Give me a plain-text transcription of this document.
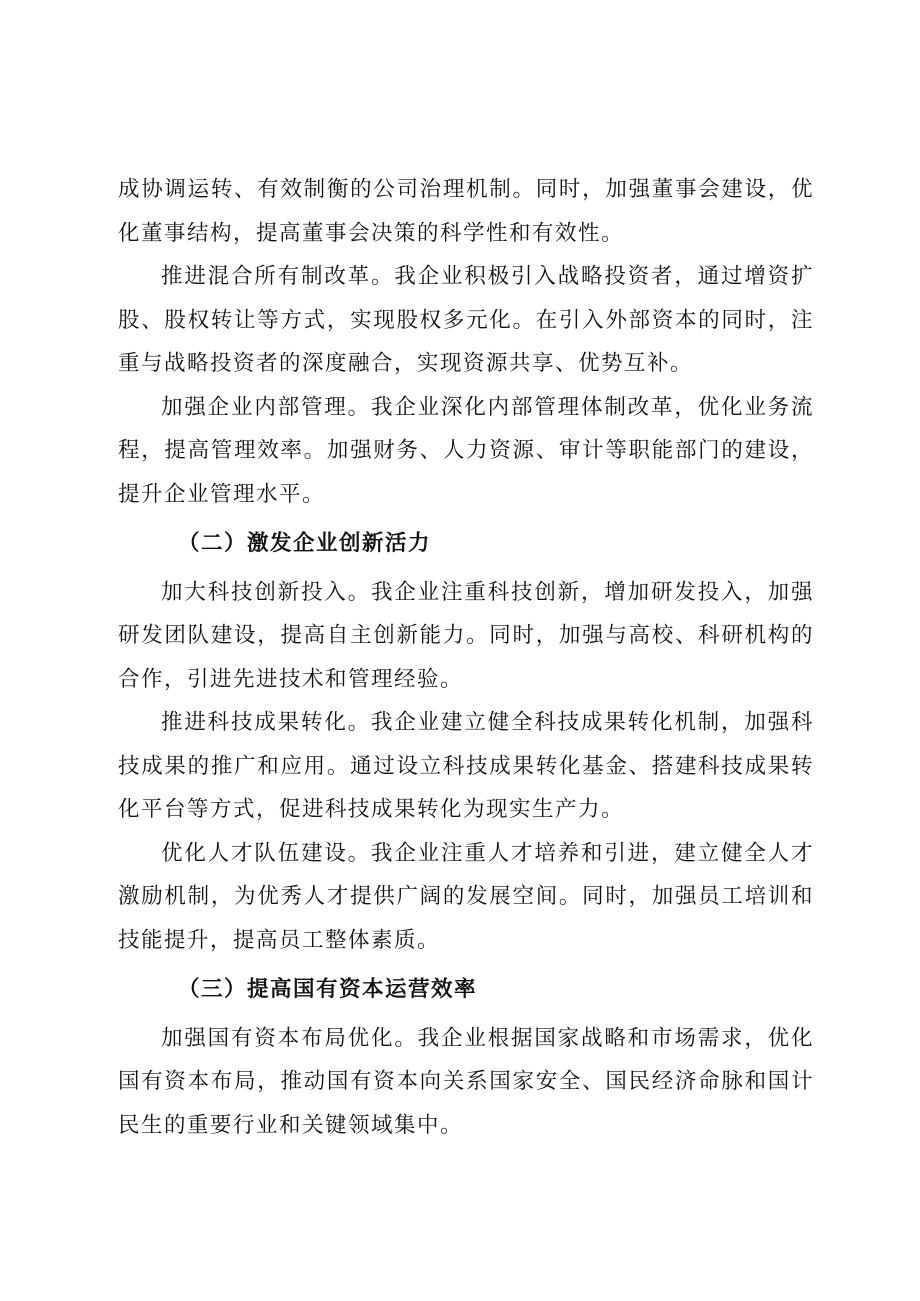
成协调运转、有效制衡的公司治理机制。同时，加强董事会建设，优化董事结构，提高董事会决策的科学性和有效性。

推进混合所有制改革。我企业积极引入战略投资者，通过增资扩股、股权转让等方式，实现股权多元化。在引入外部资本的同时，注重与战略投资者的深度融合，实现资源共享、优势互补。

加强企业内部管理。我企业深化内部管理体制改革，优化业务流程，提高管理效率。加强财务、人力资源、审计等职能部门的建设，提升企业管理水平。

（二）激发企业创新活力

加大科技创新投入。我企业注重科技创新，增加研发投入，加强研发团队建设，提高自主创新能力。同时，加强与高校、科研机构的合作，引进先进技术和管理经验。

推进科技成果转化。我企业建立健全科技成果转化机制，加强科技成果的推广和应用。通过设立科技成果转化基金、搭建科技成果转化平台等方式，促进科技成果转化为现实生产力。

优化人才队伍建设。我企业注重人才培养和引进，建立健全人才激励机制，为优秀人才提供广阔的发展空间。同时，加强员工培训和技能提升，提高员工整体素质。

（三）提高国有资本运营效率

加强国有资本布局优化。我企业根据国家战略和市场需求，优化国有资本布局，推动国有资本向关系国家安全、国民经济命脉和国计民生的重要行业和关键领域集中。
